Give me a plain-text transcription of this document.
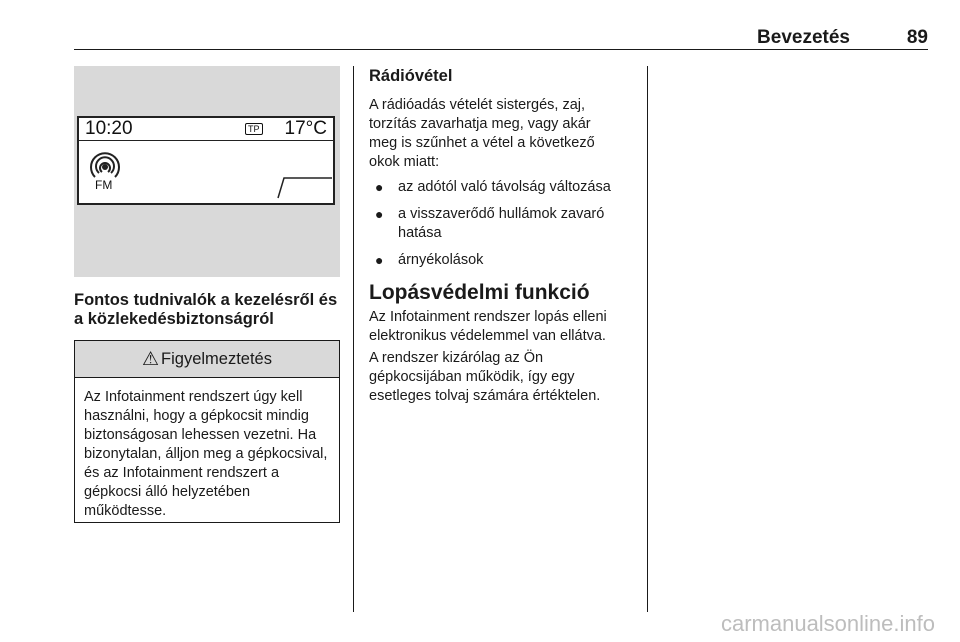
Bevezetés	89
10:20	TP 17°C
FM
Fontos tudnivalók a kezelésről és a közlekedésbiztonságról
⚠ Figyelmeztetés
Az Infotainment rendszert úgy kell használni, hogy a gépkocsit mindig biztonságosan lehessen vezetni. Ha bizonytalan, álljon meg a gépkocsival, és az Infotainment rendszert a gépkocsi álló helyzetében működtesse.
Rádióvétel
A rádióadás vételét sistergés, zaj,
torzítás zavarhatja meg, vagy akár
meg is szűnhet a vétel a következő
okok miatt:
● az adótól való távolság változása
● a visszaverődő hullámok zavaró hatása
● árnyékolások
Lopásvédelmi funkció
Az Infotainment rendszer lopás elleni
elektronikus védelemmel van ellátva.
A rendszer kizárólag az Ön
gépkocsijában működik, így egy
esetleges tolvaj számára értéktelen.
carmanualsonline.info
